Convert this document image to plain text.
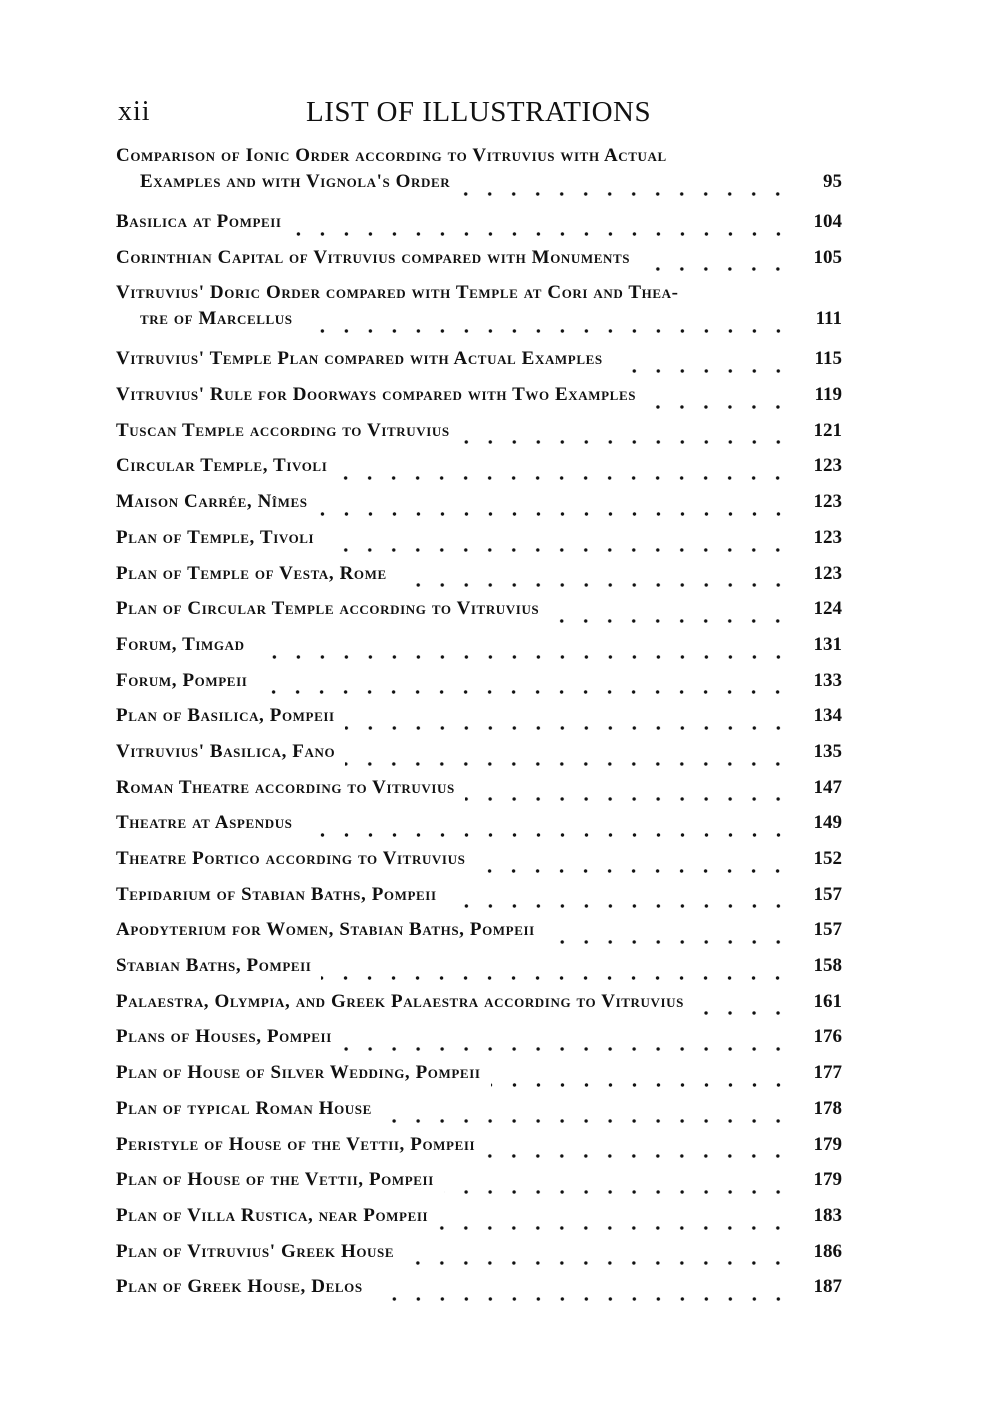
xii	LIST OF ILLUSTRATIONS
Comparison of Ionic Order according to Vitruvius with Actual
Examples and with Vignola's Order	95
Basilica at Pompeii	104
Corinthian Capital of Vitruvius compared with Monuments	105
Vitruvius' Doric Order compared with Temple at Cori and Thea-
tre of Marcellus	111
Vitruvius' Temple Plan compared with Actual Examples	115
Vitruvius' Rule for Doorways compared with Two Examples	119
Tuscan Temple according to Vitruvius	121
Circular Temple, Tivoli	123
Maison Carrée, Nîmes	123
Plan of Temple, Tivoli	123
Plan of Temple of Vesta, Rome	123
Plan of Circular Temple according to Vitruvius	124
Forum, Timgad	131
Forum, Pompeii	133
Plan of Basilica, Pompeii	134
Vitruvius' Basilica, Fano	135
Roman Theatre according to Vitruvius	147
Theatre at Aspendus	149
Theatre Portico according to Vitruvius	152
Tepidarium of Stabian Baths, Pompeii	157
Apodyterium for Women, Stabian Baths, Pompeii	157
Stabian Baths, Pompeii	158
Palaestra, Olympia, and Greek Palaestra according to Vitruvius	161
Plans of Houses, Pompeii	176
Plan of House of Silver Wedding, Pompeii	177
Plan of typical Roman House	178
Peristyle of House of the Vettii, Pompeii	179
Plan of House of the Vettii, Pompeii	179
Plan of Villa Rustica, near Pompeii	183
Plan of Vitruvius' Greek House	186
Plan of Greek House, Delos	187
